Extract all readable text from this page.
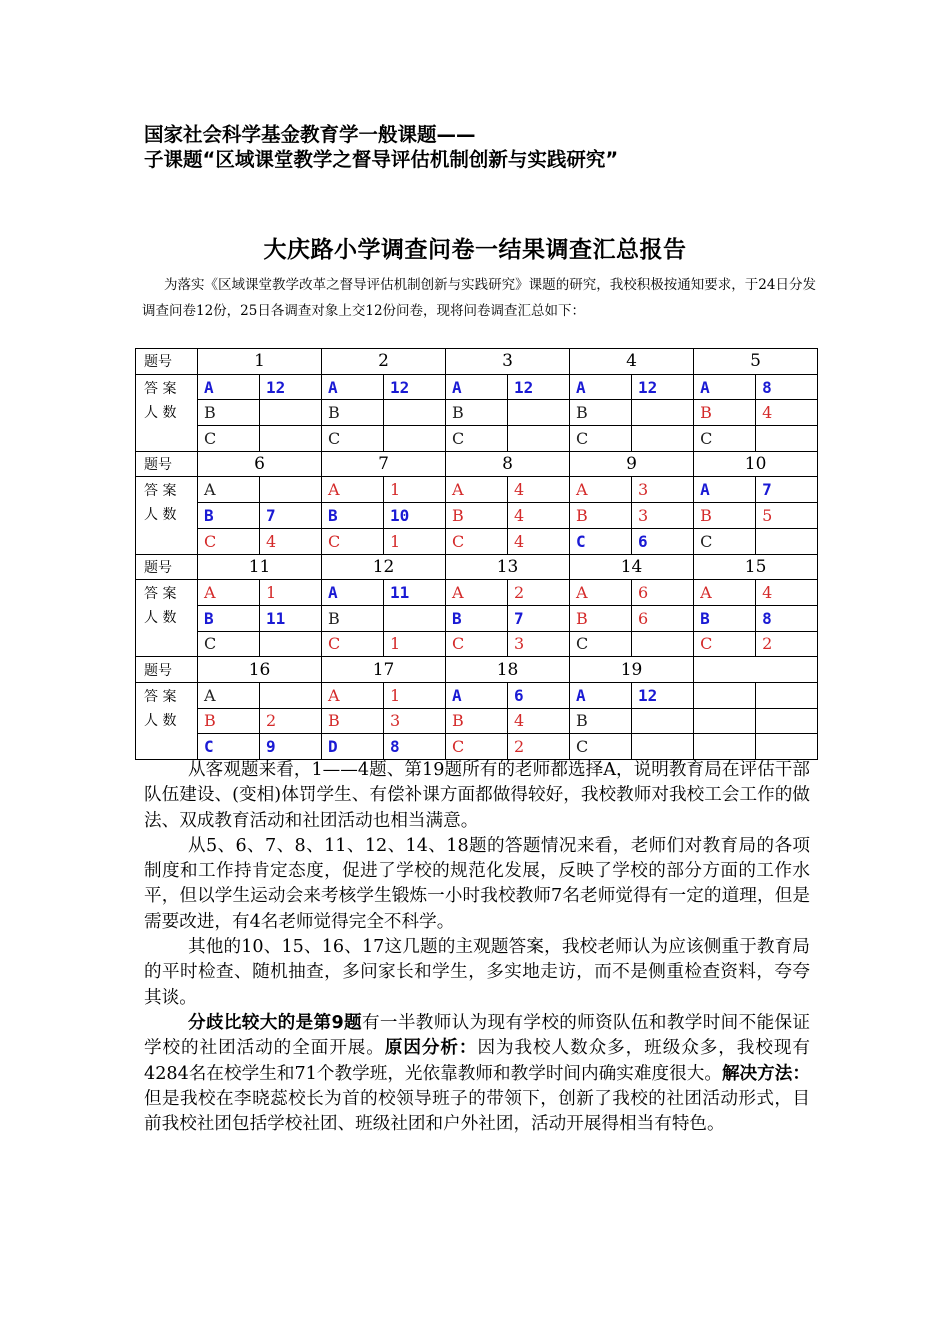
国家社会科学基金教育学一般课题——
子课题“区域课堂教学之督导评估机制创新与实践研究”
大庆路小学调查问卷一结果调查汇总报告
为落实《区域课堂教学改革之督导评估机制创新与实践研究》课题的研究，我校积极按通知要求，于24日分发调查问卷12份，25日各调查对象上交12份问卷，现将问卷调查汇总如下：
题号	1		2		3		4		5	

答 案
人 数	A	12	A	12	A	12	A	12	A	8
	B		B		B		B		B	4
	C		C		C		C		C	
题号	6		7		8		9		10	

答 案
人 数	A		A	1	A	4	A	3	A	7
	B	7	B	10	B	4	B	3	B	5
	C	4	C	1	C	4	C	6	C	
题号	11		12		13		14		15	

答 案
人 数	A	1	A	11	A	2	A	6	A	4
	B	11	B		B	7	B	6	B	8
	C		C	1	C	3	C		C	2
题号	16		17		18		19			

答 案
人 数	A		A	1	A	6	A	12		
	B	2	B	3	B	4	B			
	C	9	D	8	C	2	C			

从客观题来看，1——4题、第19题所有的老师都选择A，说明教育局在评估干部队伍建设、(变相)体罚学生、有偿补课方面都做得较好，我校教师对我校工会工作的做法、双成教育活动和社团活动也相当满意。

从5、6、7、8、11、12、14、18题的答题情况来看，老师们对教育局的各项制度和工作持肯定态度，促进了学校的规范化发展，反映了学校的部分方面的工作水平，但以学生运动会来考核学生锻炼一小时我校教师7名老师觉得有一定的道理，但是需要改进，有4名老师觉得完全不科学。

其他的10、15、16、17这几题的主观题答案，我校老师认为应该侧重于教育局的平时检查、随机抽查，多问家长和学生，多实地走访，而不是侧重检查资料，夸夸其谈。

分歧比较大的是第9题有一半教师认为现有学校的师资队伍和教学时间不能保证学校的社团活动的全面开展。原因分析：因为我校人数众多，班级众多，我校现有4284名在校学生和71个教学班，光依靠教师和教学时间内确实难度很大。解决方法：但是我校在李晓蕊校长为首的校领导班子的带领下，创新了我校的社团活动形式，目前我校社团包括学校社团、班级社团和户外社团，活动开展得相当有特色。
